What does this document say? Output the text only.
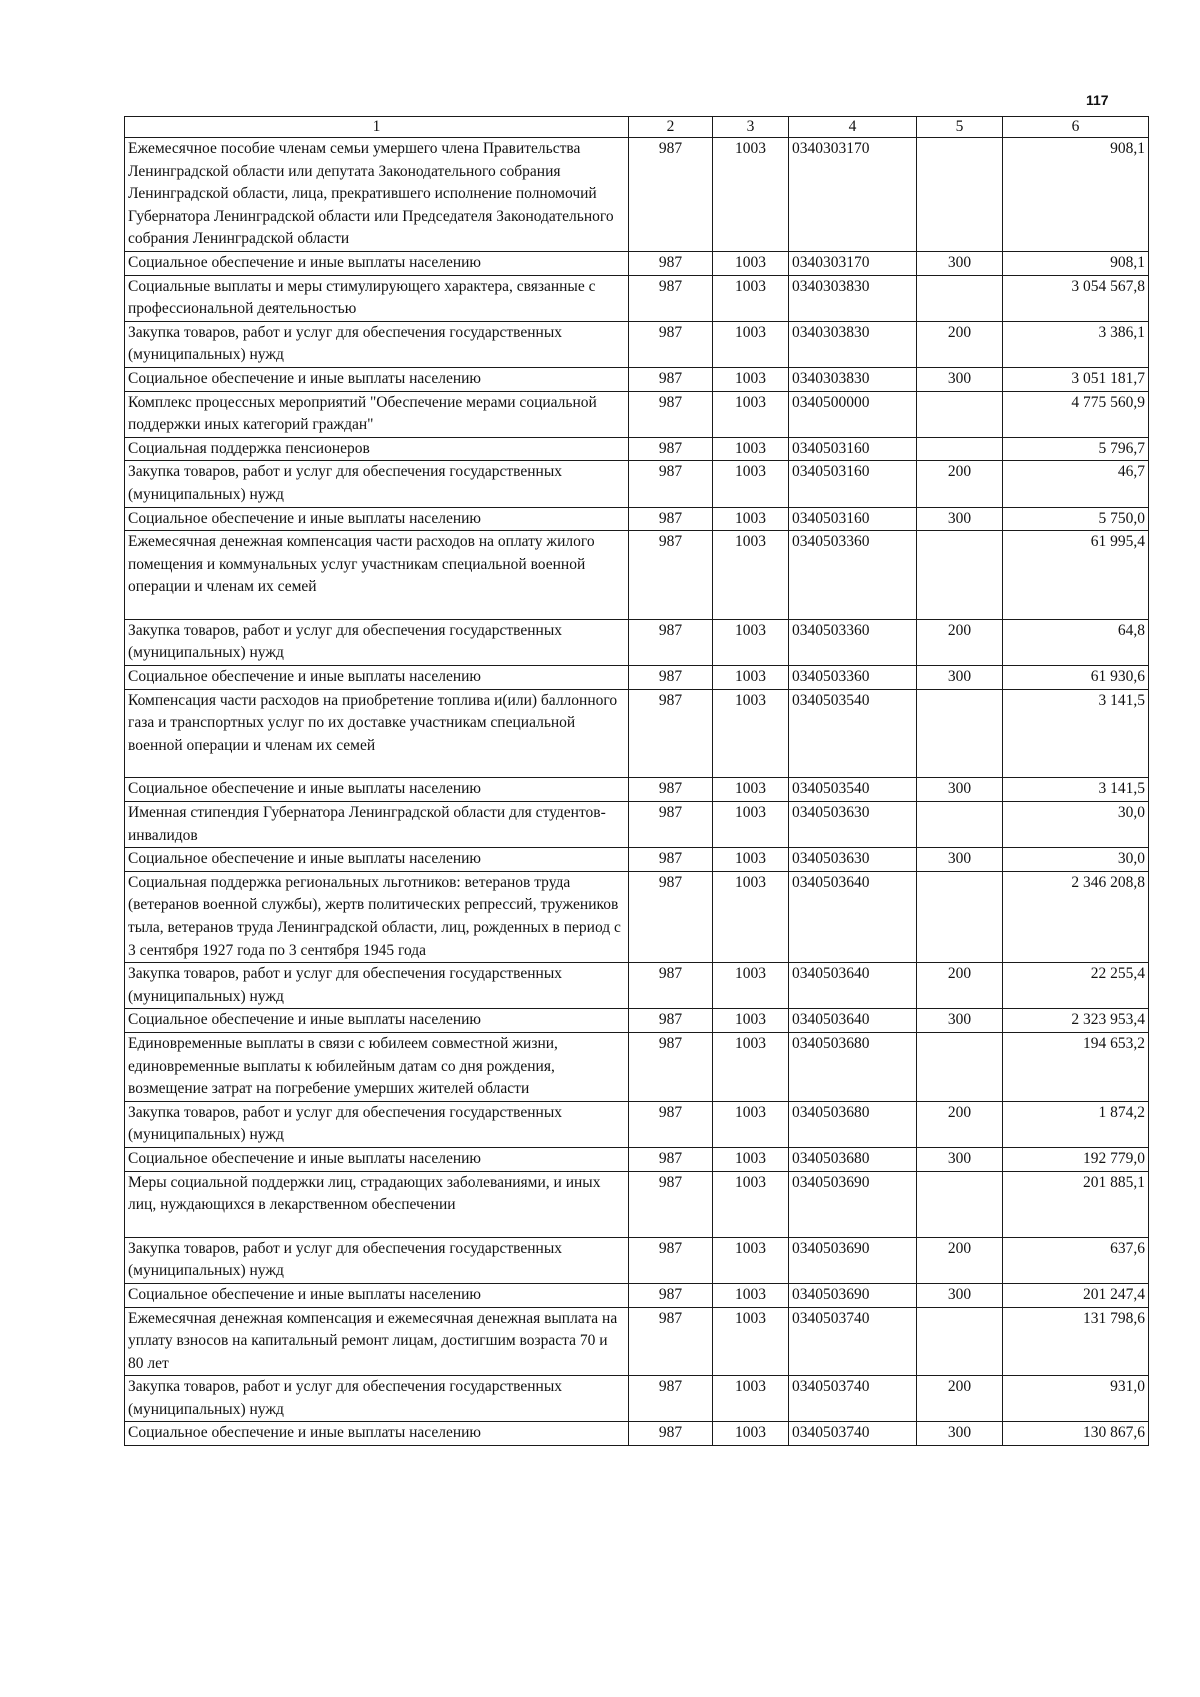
117
1	2	3	4	5	6
Ежемесячное пособие членам семьи умершего члена Правительства Ленинградской области или депутата Законодательного собрания Ленинградской области, лица, прекратившего исполнение полномочий Губернатора Ленинградской области или Председателя Законодательного собрания Ленинградской области	987	1003	0340303170		908,1
Социальное обеспечение и иные выплаты населению	987	1003	0340303170	300	908,1
Социальные выплаты и меры стимулирующего характера, связанные с профессиональной деятельностью	987	1003	0340303830		3 054 567,8
Закупка товаров, работ и услуг для обеспечения государственных (муниципальных) нужд	987	1003	0340303830	200	3 386,1
Социальное обеспечение и иные выплаты населению	987	1003	0340303830	300	3 051 181,7
Комплекс процессных мероприятий "Обеспечение мерами социальной поддержки иных категорий граждан"	987	1003	0340500000		4 775 560,9
Социальная поддержка пенсионеров	987	1003	0340503160		5 796,7
Закупка товаров, работ и услуг для обеспечения государственных (муниципальных) нужд	987	1003	0340503160	200	46,7
Социальное обеспечение и иные выплаты населению	987	1003	0340503160	300	5 750,0
Ежемесячная денежная компенсация части расходов на оплату жилого помещения и коммунальных услуг участникам специальной военной операции и членам их семей	987	1003	0340503360		61 995,4
Закупка товаров, работ и услуг для обеспечения государственных (муниципальных) нужд	987	1003	0340503360	200	64,8
Социальное обеспечение и иные выплаты населению	987	1003	0340503360	300	61 930,6
Компенсация части расходов на приобретение топлива и(или) баллонного газа и транспортных услуг по их доставке участникам специальной военной операции и членам их семей	987	1003	0340503540		3 141,5
Социальное обеспечение и иные выплаты населению	987	1003	0340503540	300	3 141,5
Именная стипендия Губернатора Ленинградской области для студентов-инвалидов	987	1003	0340503630		30,0
Социальное обеспечение и иные выплаты населению	987	1003	0340503630	300	30,0
Социальная поддержка региональных льготников: ветеранов труда (ветеранов военной службы), жертв политических репрессий, тружеников тыла, ветеранов труда Ленинградской области, лиц, рожденных в период с 3 сентября 1927 года по 3 сентября 1945 года	987	1003	0340503640		2 346 208,8
Закупка товаров, работ и услуг для обеспечения государственных (муниципальных) нужд	987	1003	0340503640	200	22 255,4
Социальное обеспечение и иные выплаты населению	987	1003	0340503640	300	2 323 953,4
Единовременные выплаты в связи с юбилеем совместной жизни, единовременные выплаты к юбилейным датам со дня рождения, возмещение затрат на погребение умерших жителей области	987	1003	0340503680		194 653,2
Закупка товаров, работ и услуг для обеспечения государственных (муниципальных) нужд	987	1003	0340503680	200	1 874,2
Социальное обеспечение и иные выплаты населению	987	1003	0340503680	300	192 779,0
Меры социальной поддержки лиц, страдающих заболеваниями, и иных лиц, нуждающихся в лекарственном обеспечении	987	1003	0340503690		201 885,1
Закупка товаров, работ и услуг для обеспечения государственных (муниципальных) нужд	987	1003	0340503690	200	637,6
Социальное обеспечение и иные выплаты населению	987	1003	0340503690	300	201 247,4
Ежемесячная денежная компенсация и ежемесячная денежная выплата на уплату взносов на капитальный ремонт лицам, достигшим возраста 70 и 80 лет	987	1003	0340503740		131 798,6
Закупка товаров, работ и услуг для обеспечения государственных (муниципальных) нужд	987	1003	0340503740	200	931,0
Социальное обеспечение и иные выплаты населению	987	1003	0340503740	300	130 867,6
